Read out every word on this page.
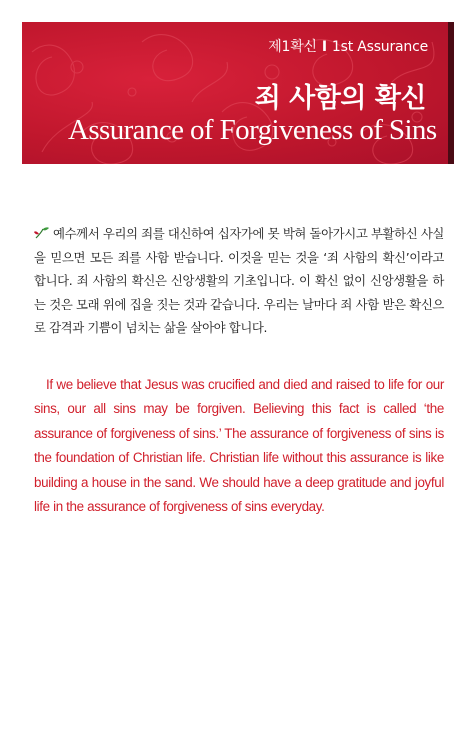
제1확신 I 1st Assurance
죄 사함의 확신
Assurance of Forgiveness of Sins
예수께서 우리의 죄를 대신하여 십자가에 못 박혀 돌아가시고 부활하신 사실을 믿으면 모든 죄를 사함 받습니다. 이것을 믿는 것을 ‘죄 사함의 확신’이라고 합니다. 죄 사함의 확신은 신앙생활의 기초입니다. 이 확신 없이 신앙생활을 하는 것은 모래 위에 집을 짓는 것과 같습니다. 우리는 날마다 죄 사함 받은 확신으로 감격과 기쁨이 넘치는 삶을 살아야 합니다.
If we believe that Jesus was crucified and died and raised to life for our sins, our all sins may be forgiven. Believing this fact is called ‘the assurance of forgiveness of sins.’ The assurance of forgiveness of sins is the foundation of Christian life. Christian life without this assurance is like building a house in the sand. We should have a deep gratitude and joyful life in the assurance of forgiveness of sins everyday.
